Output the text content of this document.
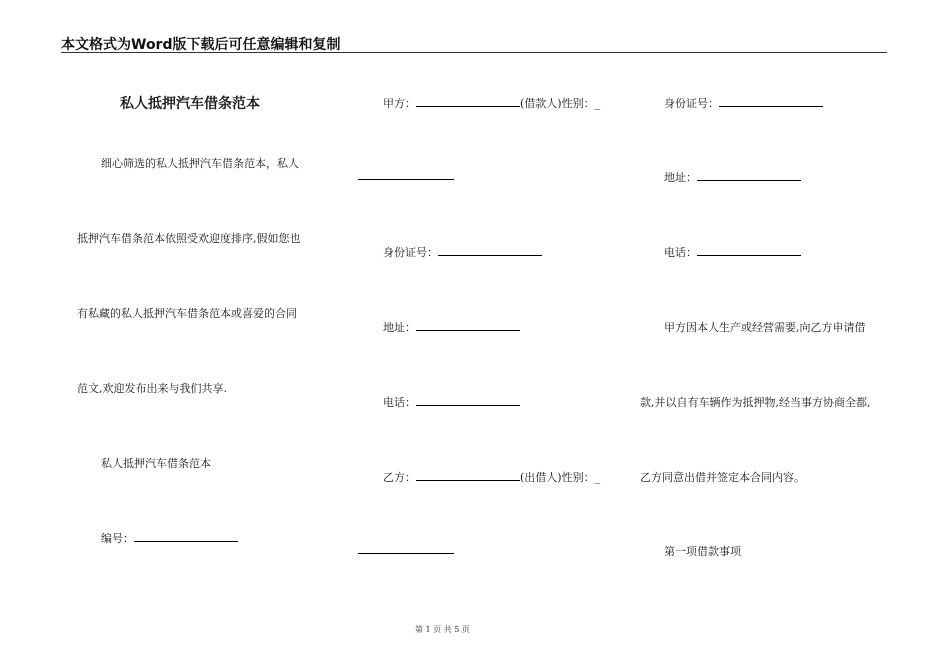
本文格式为Word版下载后可任意编辑和复制
私人抵押汽车借条范本
细心筛选的私人抵押汽车借条范本，私人
抵押汽车借条范本依照受欢迎度排序,假如您也
有私藏的私人抵押汽车借条范本或喜爱的合同
范文,欢迎发布出来与我们共享.
私人抵押汽车借条范本
编号：
甲方：	(借款人)性别：_
身份证号：
地址：
电话：
乙方：	(出借人)性别：_
身份证号：
地址：
电话：
甲方因本人生产或经营需要,向乙方申请借
款,并以自有车辆作为抵押物,经当事方协商全都,
乙方同意出借并签定本合同内容。
第一项借款事项
第 1 页 共 5 页
